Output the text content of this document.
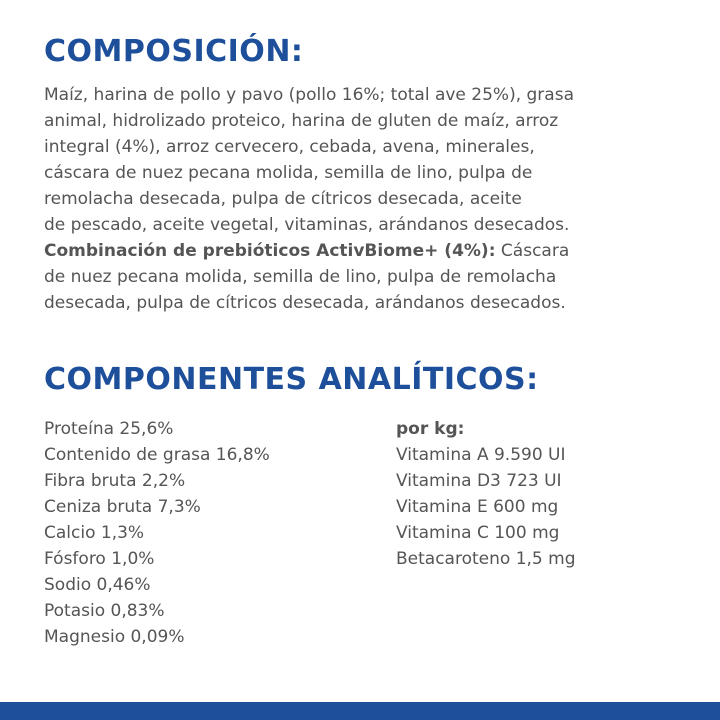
COMPOSICIÓN:
Maíz, harina de pollo y pavo (pollo 16%; total ave 25%), grasa
animal, hidrolizado proteico, harina de gluten de maíz, arroz
integral (4%), arroz cervecero, cebada, avena, minerales,
cáscara de nuez pecana molida, semilla de lino, pulpa de
remolacha desecada, pulpa de cítricos desecada, aceite
de pescado, aceite vegetal, vitaminas, arándanos desecados.
Combinación de prebióticos ActivBiome+ (4%): Cáscara
de nuez pecana molida, semilla de lino, pulpa de remolacha
desecada, pulpa de cítricos desecada, arándanos desecados.
COMPONENTES ANALÍTICOS:
Proteína 25,6%
Contenido de grasa 16,8%
Fibra bruta 2,2%
Ceniza bruta 7,3%
Calcio 1,3%
Fósforo 1,0%
Sodio 0,46%
Potasio 0,83%
Magnesio 0,09%
por kg:
Vitamina A 9.590 UI
Vitamina D3 723 UI
Vitamina E 600 mg
Vitamina C 100 mg
Betacaroteno 1,5 mg
